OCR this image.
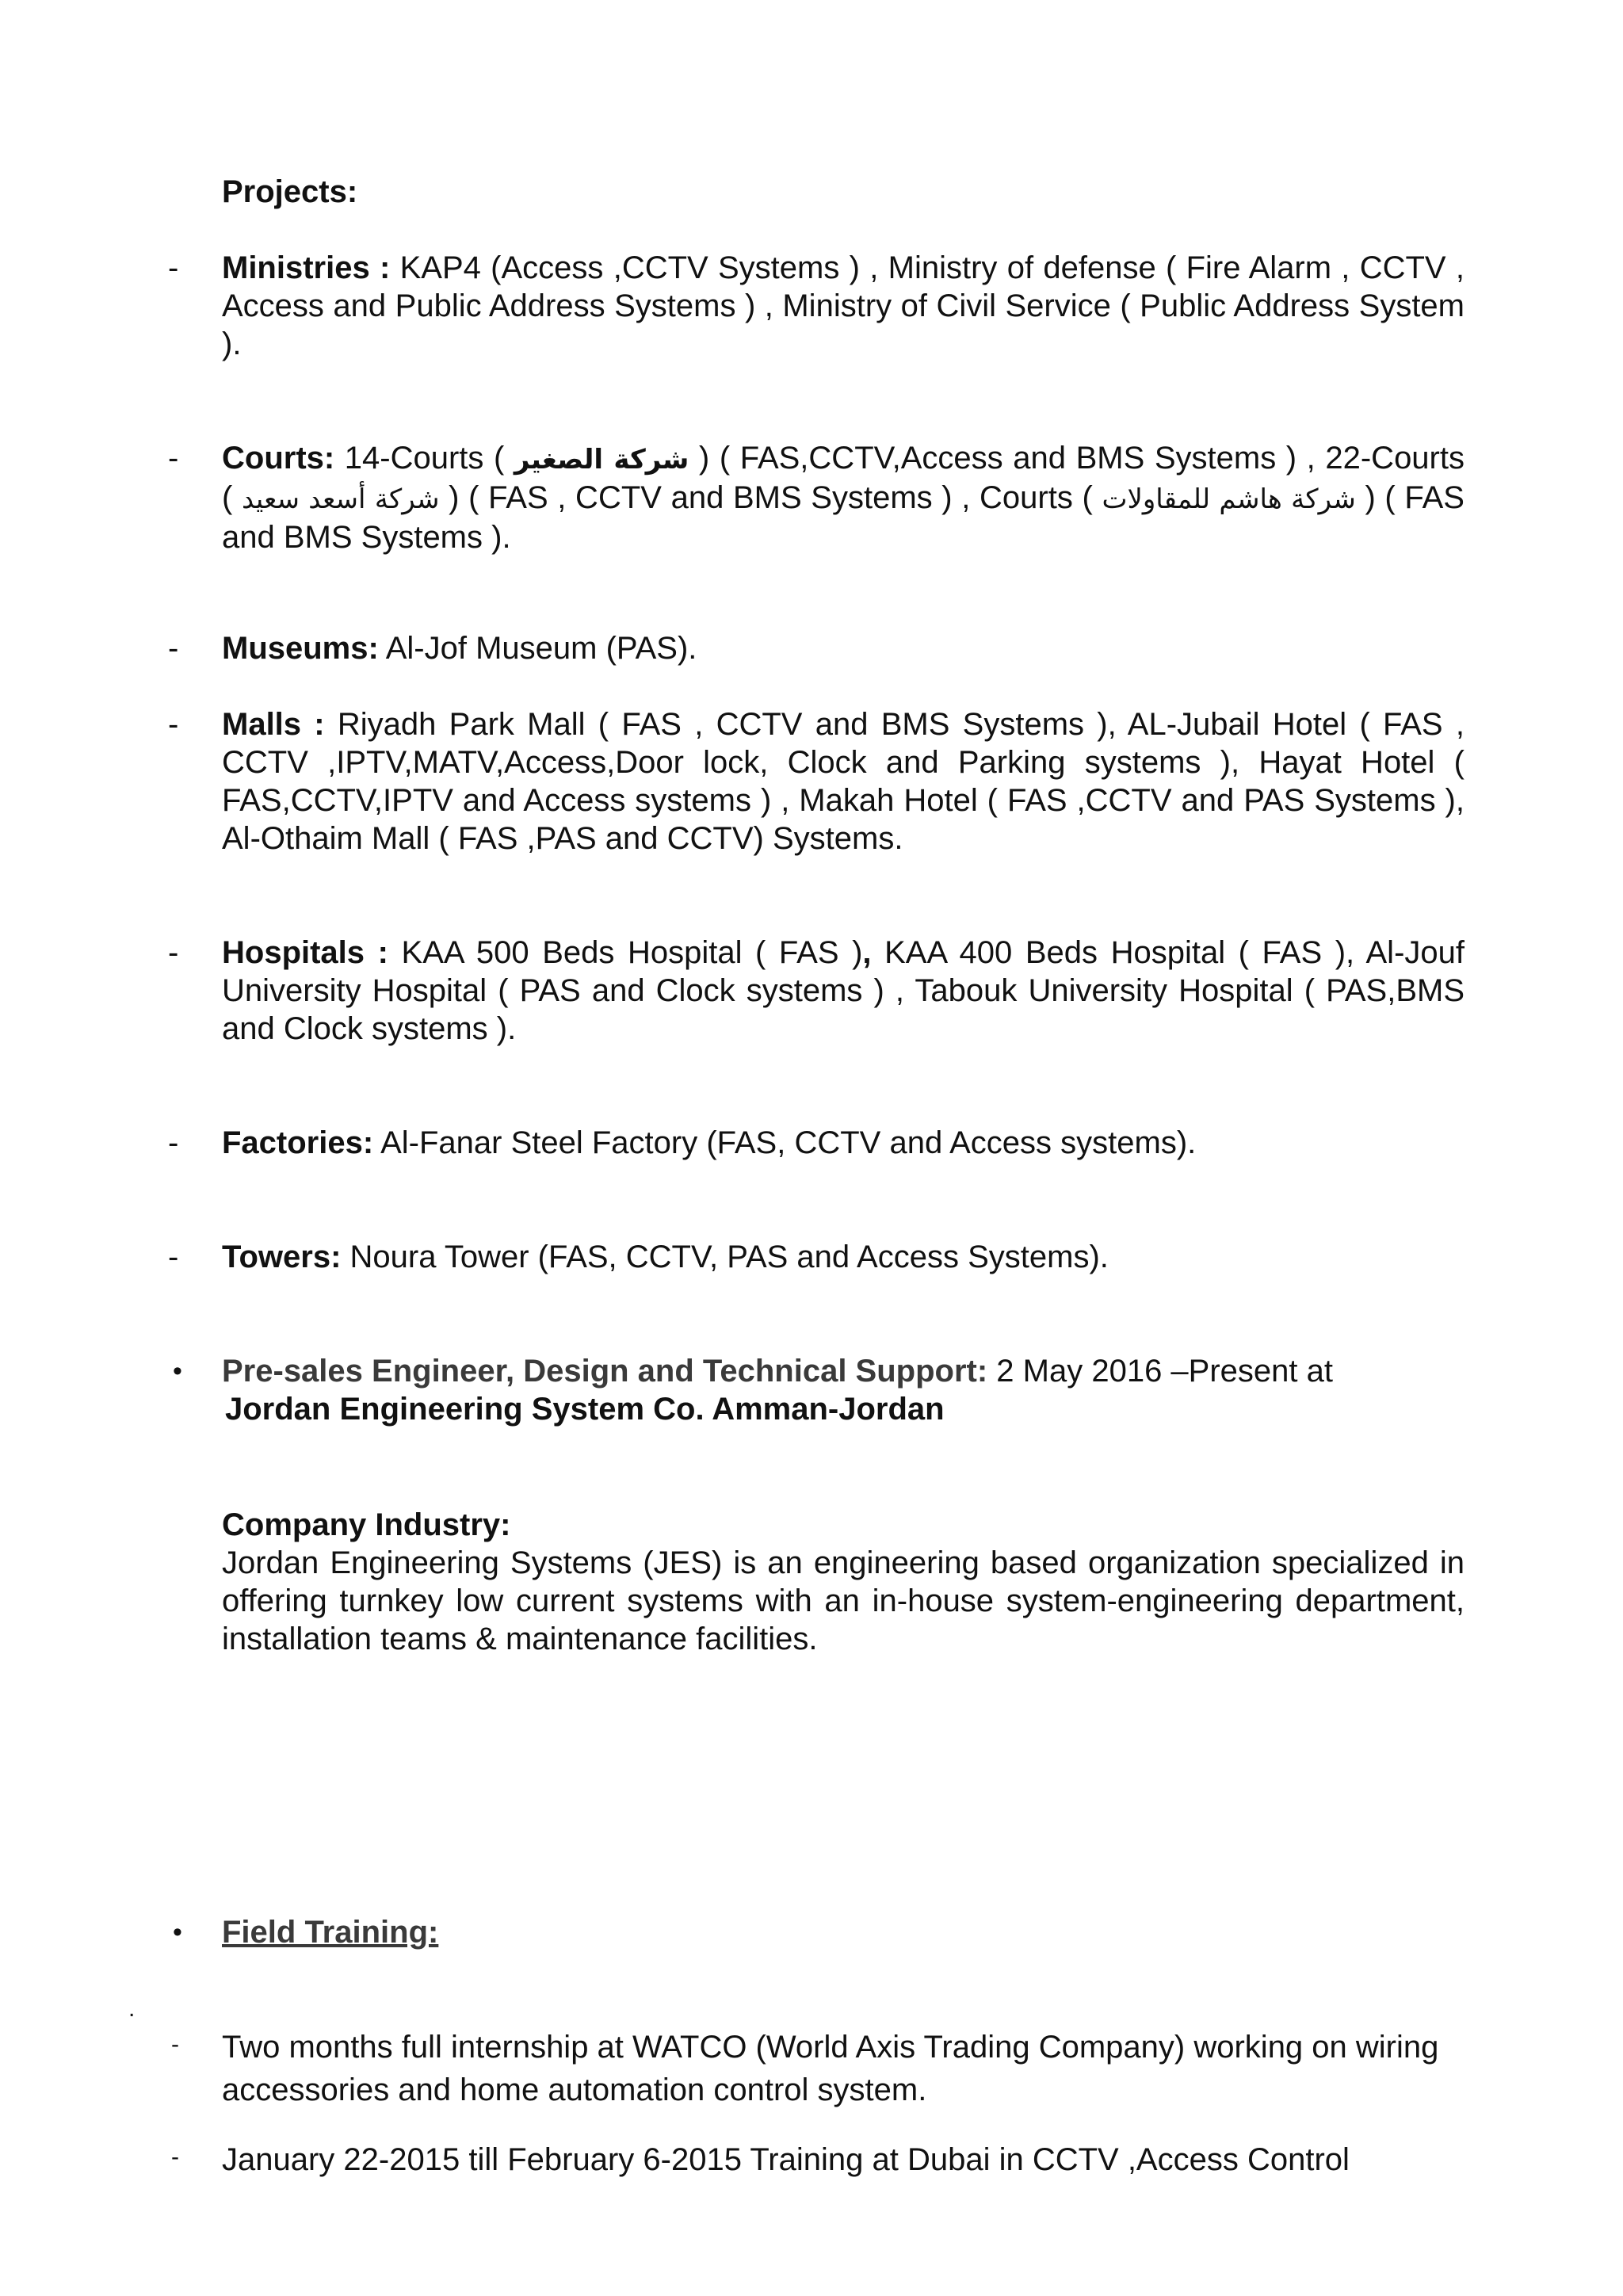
Projects:
-	Ministries : KAP4 (Access ,CCTV Systems ) , Ministry of defense ( Fire Alarm , CCTV , Access and Public Address Systems ) , Ministry of Civil Service ( Public Address System ).
-	Courts: 14-Courts ( شركة الصغير ) ( FAS,CCTV,Access and BMS Systems ) , 22-Courts ( شركة أسعد سعيد ) ( FAS , CCTV and BMS Systems ) , Courts ( شركة هاشم للمقاولات ) ( FAS and BMS Systems ).
-	Museums: Al-Jof Museum (PAS).
-	Malls : Riyadh Park Mall ( FAS , CCTV and BMS Systems ), AL-Jubail Hotel ( FAS , CCTV ,IPTV,MATV,Access,Door lock, Clock and Parking systems ), Hayat Hotel ( FAS,CCTV,IPTV and Access systems ) , Makah Hotel ( FAS ,CCTV and PAS Systems ), Al-Othaim Mall ( FAS ,PAS and CCTV) Systems.
-	Hospitals : KAA 500 Beds Hospital ( FAS ), KAA 400 Beds Hospital ( FAS ), Al-Jouf University Hospital ( PAS and Clock systems ) , Tabouk University Hospital ( PAS,BMS and Clock systems ).
-	Factories: Al-Fanar Steel Factory (FAS, CCTV and Access systems).
-	Towers: Noura Tower (FAS, CCTV, PAS and Access Systems).
•	Pre-sales Engineer, Design and Technical Support: 2 May 2016 –Present at
Jordan Engineering System Co. Amman-Jordan
Company Industry:
Jordan Engineering Systems (JES) is an engineering based organization specialized in offering turnkey low current systems with an in-house system-engineering department, installation teams & maintenance facilities.
•	Field Training:
.
-	Two months full internship at WATCO (World Axis Trading Company) working on wiring accessories and home automation control system.
-	January 22-2015 till February 6-2015 Training at Dubai in CCTV ,Access Control
